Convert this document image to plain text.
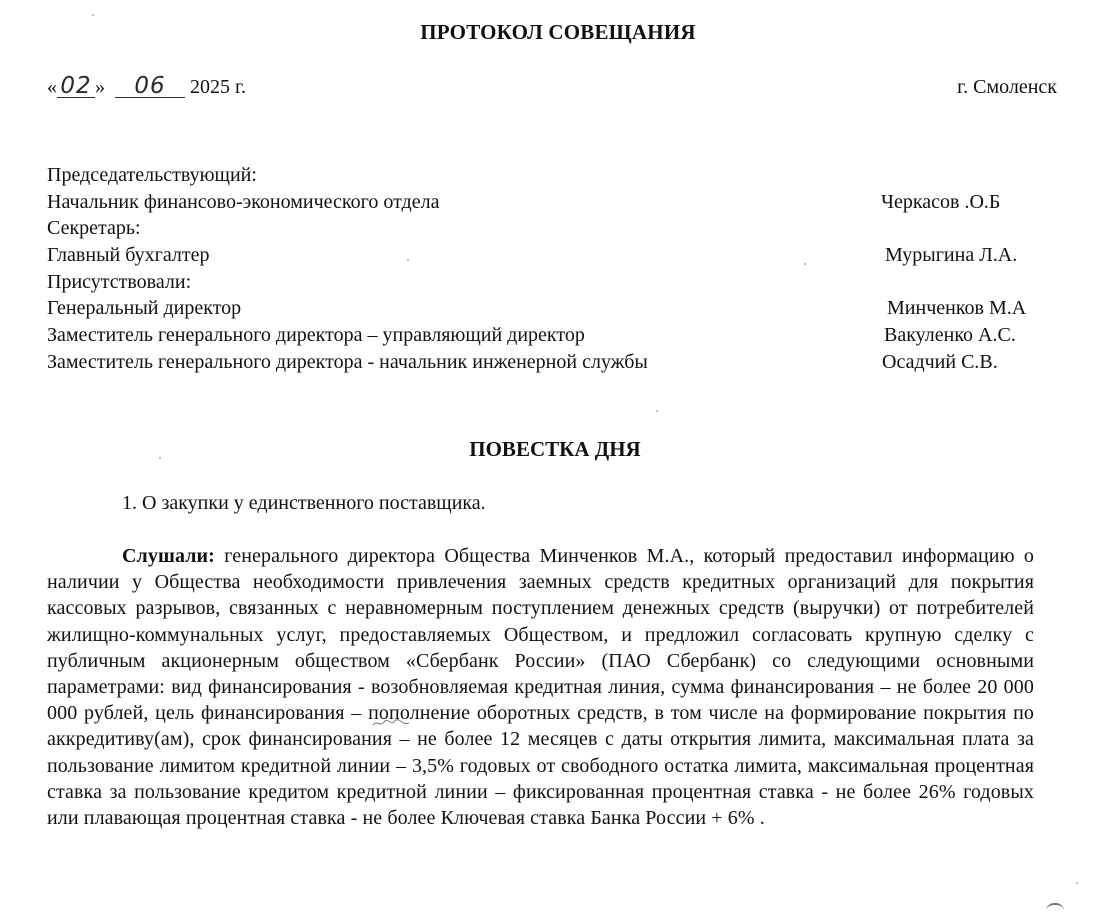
ПРОТОКОЛ СОВЕЩАНИЯ
« 02 » 06 2025 г.	г. Смоленск
Председательствующий:
Начальник финансово-экономического отдела	Черкасов .О.Б
Секретарь:
Главный бухгалтер	Мурыгина Л.А.
Присутствовали:
Генеральный директор	Минченков М.А
Заместитель генерального директора – управляющий директор	Вакуленко А.С.
Заместитель генерального директора - начальник инженерной службы	Осадчий С.В.
ПОВЕСТКА ДНЯ
1. О закупки у единственного поставщика.

Слушали: генерального директора Общества Минченков М.А., который предоставил информацию о наличии у Общества необходимости привлечения заемных средств кредитных организаций для покрытия кассовых разрывов, связанных с неравномерным поступлением денежных средств (выручки) от потребителей жилищно-коммунальных услуг, предоставляемых Обществом, и предложил согласовать крупную сделку с публичным акционерным обществом «Сбербанк России» (ПАО Сбербанк) со следующими основными параметрами: вид финансирования - возобновляемая кредитная линия, сумма финансирования – не более 20 000 000 рублей, цель финансирования – пополнение оборотных средств, в том числе на формирование покрытия по аккредитиву(ам), срок финансирования – не более 12 месяцев с даты открытия лимита, максимальная плата за пользование лимитом кредитной линии – 3,5% годовых от свободного остатка лимита, максимальная процентная ставка за пользование кредитом кредитной линии – фиксированная процентная ставка - не более 26% годовых или плавающая процентная ставка - не более Ключевая ставка Банка России + 6% .
